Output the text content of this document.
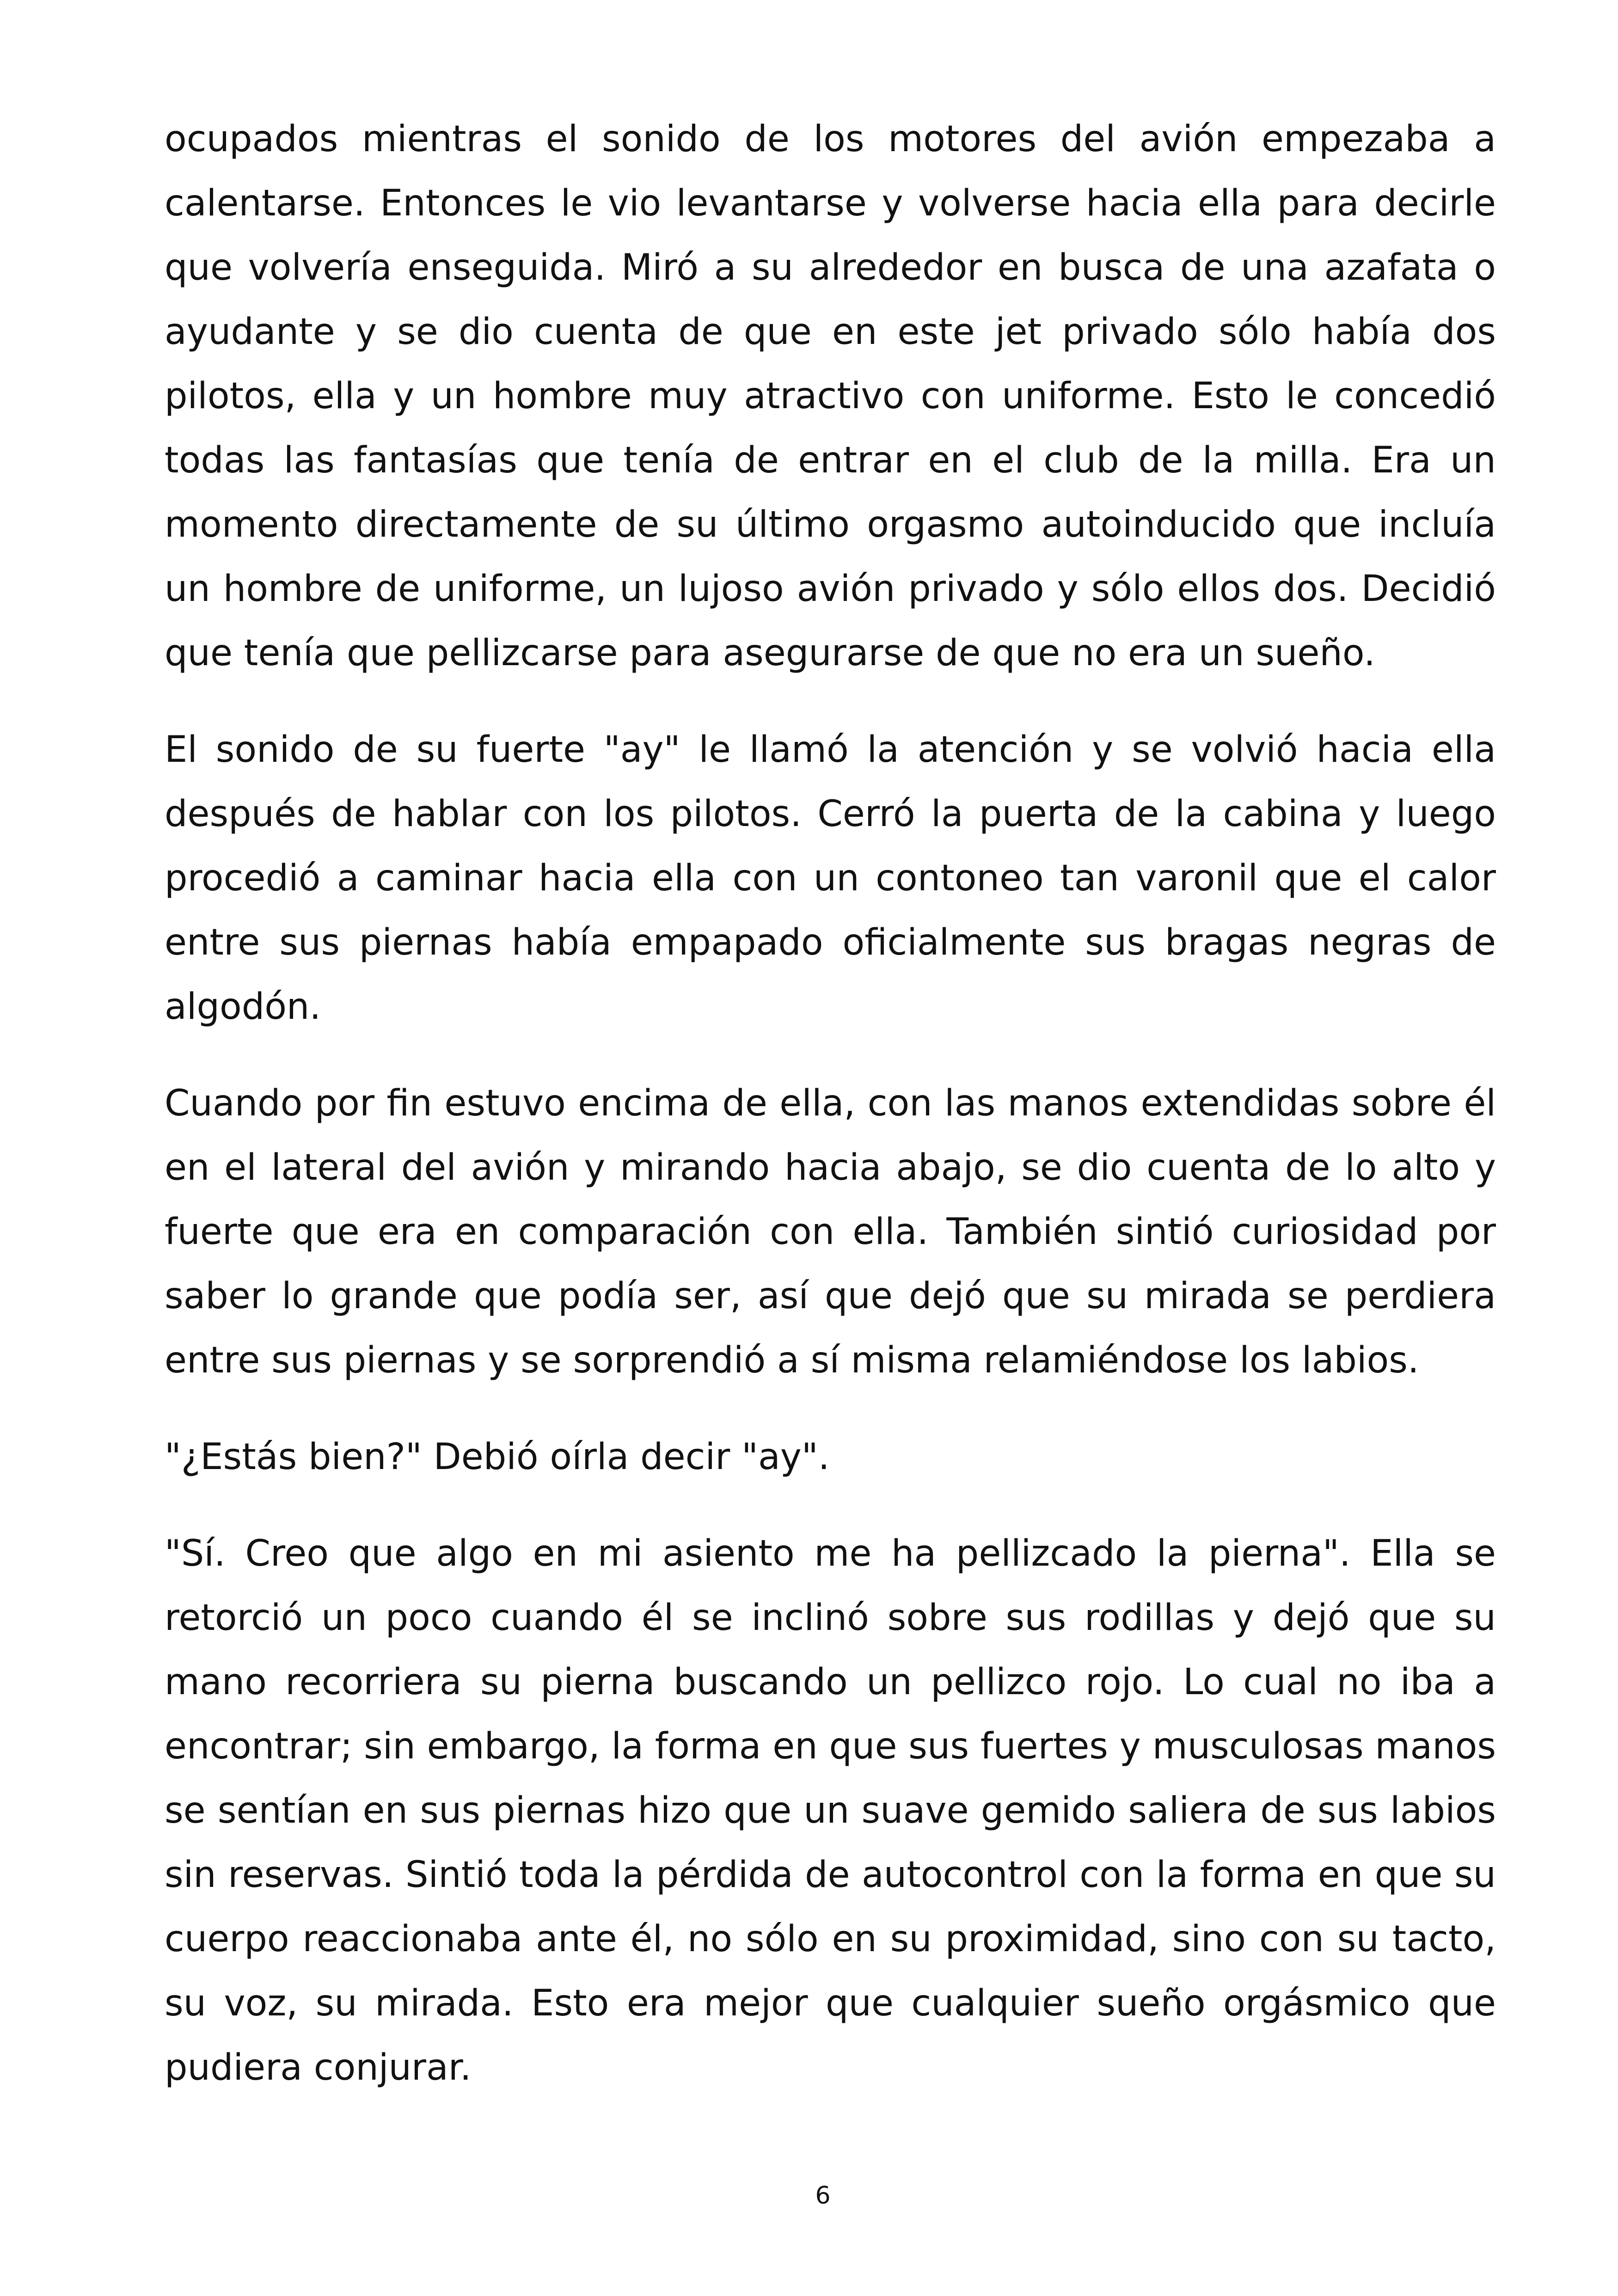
ocupados mientras el sonido de los motores del avión empezaba a calentarse. Entonces le vio levantarse y volverse hacia ella para decirle que volvería enseguida. Miró a su alrededor en busca de una azafata o ayudante y se dio cuenta de que en este jet privado sólo había dos pilotos, ella y un hombre muy atractivo con uniforme. Esto le concedió todas las fantasías que tenía de entrar en el club de la milla. Era un momento directamente de su último orgasmo autoinducido que incluía un hombre de uniforme, un lujoso avión privado y sólo ellos dos. Decidió que tenía que pellizcarse para asegurarse de que no era un sueño.

El sonido de su fuerte "ay" le llamó la atención y se volvió hacia ella después de hablar con los pilotos. Cerró la puerta de la cabina y luego procedió a caminar hacia ella con un contoneo tan varonil que el calor entre sus piernas había empapado oficialmente sus bragas negras de algodón.

Cuando por fin estuvo encima de ella, con las manos extendidas sobre él en el lateral del avión y mirando hacia abajo, se dio cuenta de lo alto y fuerte que era en comparación con ella. También sintió curiosidad por saber lo grande que podía ser, así que dejó que su mirada se perdiera entre sus piernas y se sorprendió a sí misma relamiéndose los labios.

"¿Estás bien?" Debió oírla decir "ay".

"Sí. Creo que algo en mi asiento me ha pellizcado la pierna". Ella se retorció un poco cuando él se inclinó sobre sus rodillas y dejó que su mano recorriera su pierna buscando un pellizco rojo. Lo cual no iba a encontrar; sin embargo, la forma en que sus fuertes y musculosas manos se sentían en sus piernas hizo que un suave gemido saliera de sus labios sin reservas. Sintió toda la pérdida de autocontrol con la forma en que su cuerpo reaccionaba ante él, no sólo en su proximidad, sino con su tacto, su voz, su mirada. Esto era mejor que cualquier sueño orgásmico que pudiera conjurar.

6
